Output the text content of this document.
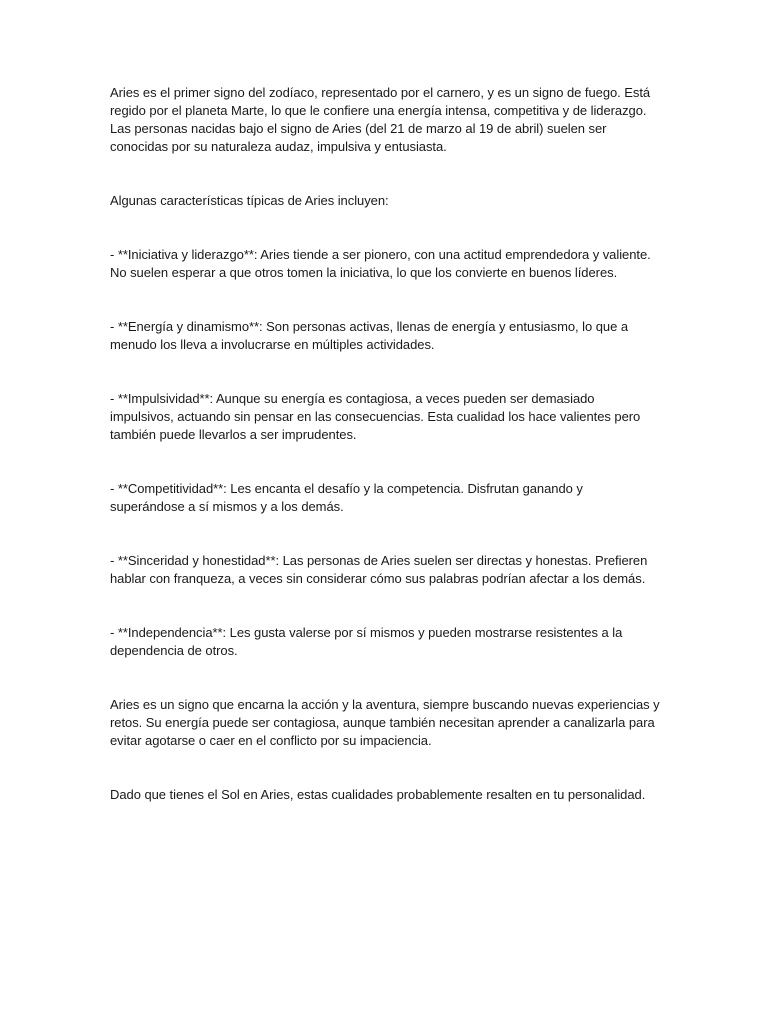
Aries es el primer signo del zodíaco, representado por el carnero, y es un signo de fuego. Está regido por el planeta Marte, lo que le confiere una energía intensa, competitiva y de liderazgo. Las personas nacidas bajo el signo de Aries (del 21 de marzo al 19 de abril) suelen ser conocidas por su naturaleza audaz, impulsiva y entusiasta.

Algunas características típicas de Aries incluyen:

- **Iniciativa y liderazgo**: Aries tiende a ser pionero, con una actitud emprendedora y valiente. No suelen esperar a que otros tomen la iniciativa, lo que los convierte en buenos líderes.

- **Energía y dinamismo**: Son personas activas, llenas de energía y entusiasmo, lo que a menudo los lleva a involucrarse en múltiples actividades.

- **Impulsividad**: Aunque su energía es contagiosa, a veces pueden ser demasiado impulsivos, actuando sin pensar en las consecuencias. Esta cualidad los hace valientes pero también puede llevarlos a ser imprudentes.

- **Competitividad**: Les encanta el desafío y la competencia. Disfrutan ganando y superándose a sí mismos y a los demás.

- **Sinceridad y honestidad**: Las personas de Aries suelen ser directas y honestas. Prefieren hablar con franqueza, a veces sin considerar cómo sus palabras podrían afectar a los demás.

- **Independencia**: Les gusta valerse por sí mismos y pueden mostrarse resistentes a la dependencia de otros.

Aries es un signo que encarna la acción y la aventura, siempre buscando nuevas experiencias y retos. Su energía puede ser contagiosa, aunque también necesitan aprender a canalizarla para evitar agotarse o caer en el conflicto por su impaciencia.

Dado que tienes el Sol en Aries, estas cualidades probablemente resalten en tu personalidad.
